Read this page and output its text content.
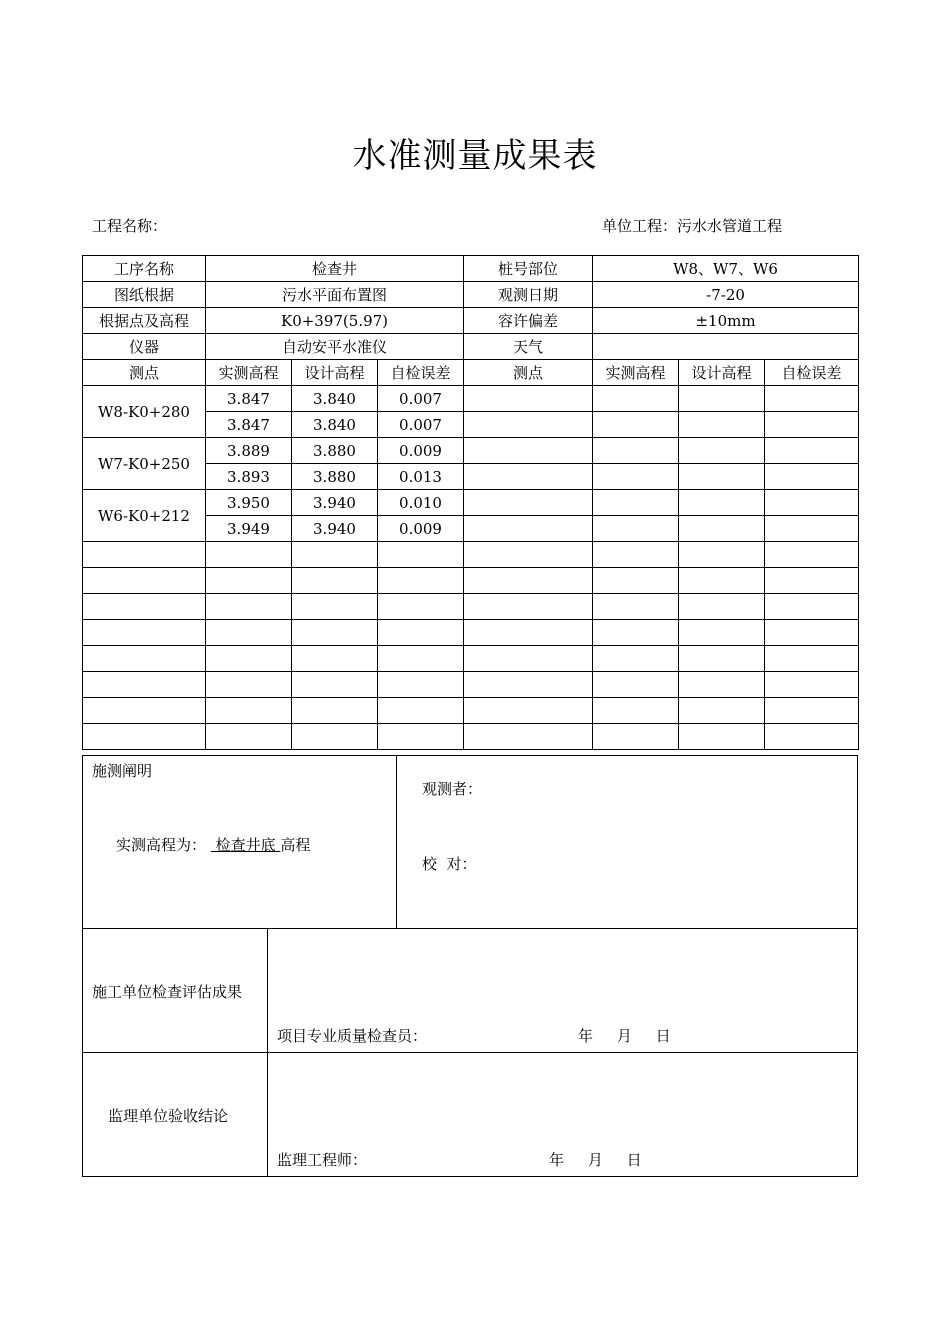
水准测量成果表
工程名称：	单位工程：污水水管道工程
工序名称	检查井			桩号部位	W8、W7、W6		
图纸根据	污水平面布置图			观测日期	-7-20		
根据点及高程	K0+397(5.97)			容许偏差	±10mm		
仪器	自动安平水准仪			天气			
测点	实测高程	设计高程	自检误差	测点	实测高程	设计高程	自检误差
W8-K0+280	3.847	3.840	0.007				
	3.847	3.840	0.007				
W7-K0+250	3.889	3.880	0.009				
	3.893	3.880	0.013				
W6-K0+212	3.950	3.940	0.010				
	3.949	3.940	0.009				

施测阐明
实测高程为：  检查井底 高程
观测者：
校  对：
施工单位检查评估成果
项目专业质量检查员：	年     月     日
监理单位验收结论
监理工程师：	年     月     日
